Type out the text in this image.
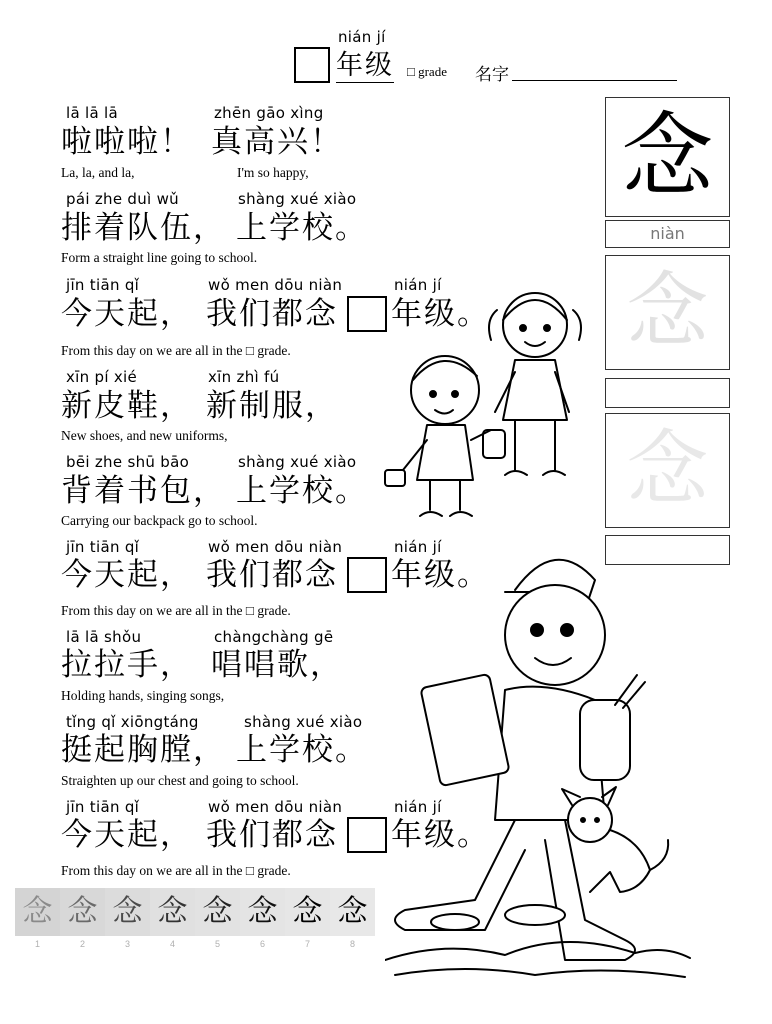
nián jí
年级 □ grade 名字
lā lā lā	zhēn gāo xìng
啦啦啦！ 真高兴！
La, la, and la,	I'm so happy,
pái zhe duì wǔ	shàng xué xiào
排着队伍， 上学校。
Form a straight line going to school.
jīn tiān qǐ	wǒ men dōu niàn	nián jí
今天起， 我们都念 年级。
From this day on we are all in the □ grade.
xīn pí xié	xīn zhì fú
新皮鞋， 新制服，
New shoes, and new uniforms,
bēi zhe shū bāo	shàng xué xiào
背着书包， 上学校。
Carrying our backpack go to school.
jīn tiān qǐ	wǒ men dōu niàn	nián jí
今天起， 我们都念 年级。
From this day on we are all in the □ grade.
lā lā shǒu	chàngchàng gē
拉拉手， 唱唱歌，
Holding hands, singing songs,
tǐng qǐ xiōngtáng	shàng xué xiào
挺起胸膛， 上学校。
Straighten up our chest and going to school.
jīn tiān qǐ	wǒ men dōu niàn	nián jí
今天起， 我们都念 年级。
From this day on we are all in the □ grade.
念
niàn
念
念
念 念 念 念 念 念 念 念
1	2	3	4	5	6	7	8
